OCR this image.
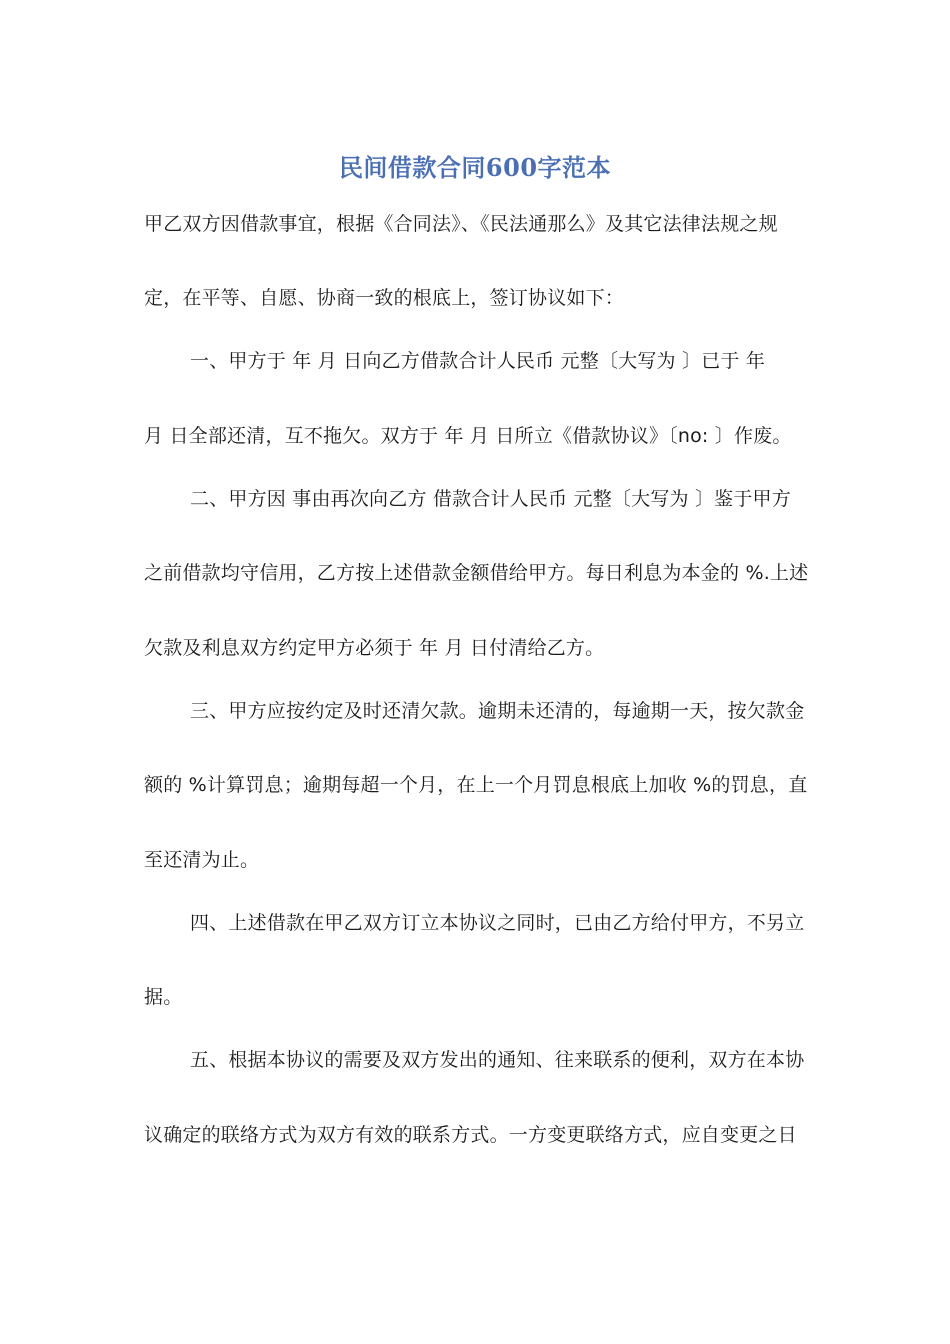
民间借款合同600字范本
甲乙双方因借款事宜，根据《合同法》、《民法通那么》及其它法律法规之规
定，在平等、自愿、协商一致的根底上，签订协议如下：
一、甲方于 年 月 日向乙方借款合计人民币 元整〔大写为 〕已于 年
月 日全部还清，互不拖欠。双方于 年 月 日所立《借款协议》〔no: 〕作废。
二、甲方因 事由再次向乙方 借款合计人民币 元整〔大写为 〕鉴于甲方
之前借款均守信用，乙方按上述借款金额借给甲方。每日利息为本金的 %.上述
欠款及利息双方约定甲方必须于 年 月 日付清给乙方。
三、甲方应按约定及时还清欠款。逾期未还清的，每逾期一天，按欠款金
额的 %计算罚息；逾期每超一个月，在上一个月罚息根底上加收 %的罚息，直
至还清为止。
四、上述借款在甲乙双方订立本协议之同时，已由乙方给付甲方，不另立
据。
五、根据本协议的需要及双方发出的通知、往来联系的便利，双方在本协
议确定的联络方式为双方有效的联系方式。一方变更联络方式，应自变更之日
